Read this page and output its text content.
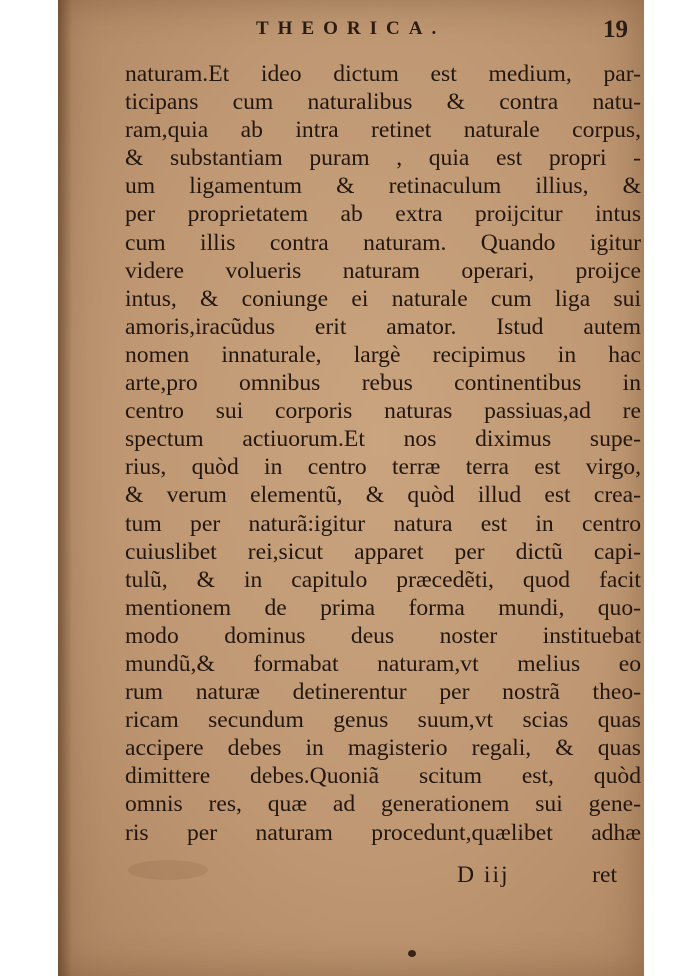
THEORICA.	19
naturam.Et ideo dictum est medium, par-
ticipans cum naturalibus & contra natu-
ram,quia ab intra retinet naturale corpus,
& substantiam puram , quia est propri -
um ligamentum & retinaculum illius, &
per proprietatem ab extra proijcitur intus
cum illis contra naturam. Quando igitur
videre volueris naturam operari, proijce
intus, & coniunge ei naturale cum liga sui
amoris,iracũdus erit amator. Istud autem
nomen innaturale, largè recipimus in hac
arte,pro omnibus rebus continentibus in
centro sui corporis naturas passiuas,ad re
spectum actiuorum.Et nos diximus supe-
rius, quòd in centro terræ terra est virgo,
& verum elementũ, & quòd illud est crea-
tum per naturã:igitur natura est in centro
cuiuslibet rei,sicut apparet per dictũ capi-
tulũ, & in capitulo præcedẽti, quod facit
mentionem de prima forma mundi, quo-
modo dominus deus noster instituebat
mundũ,& formabat naturam,vt melius eo
rum naturæ detinerentur per nostrã theo-
ricam secundum genus suum,vt scias quas
accipere debes in magisterio regali, & quas
dimittere debes.Quoniã scitum est, quòd
omnis res, quæ ad generationem sui gene-
ris per naturam procedunt,quælibet adhæ
D iij	ret
